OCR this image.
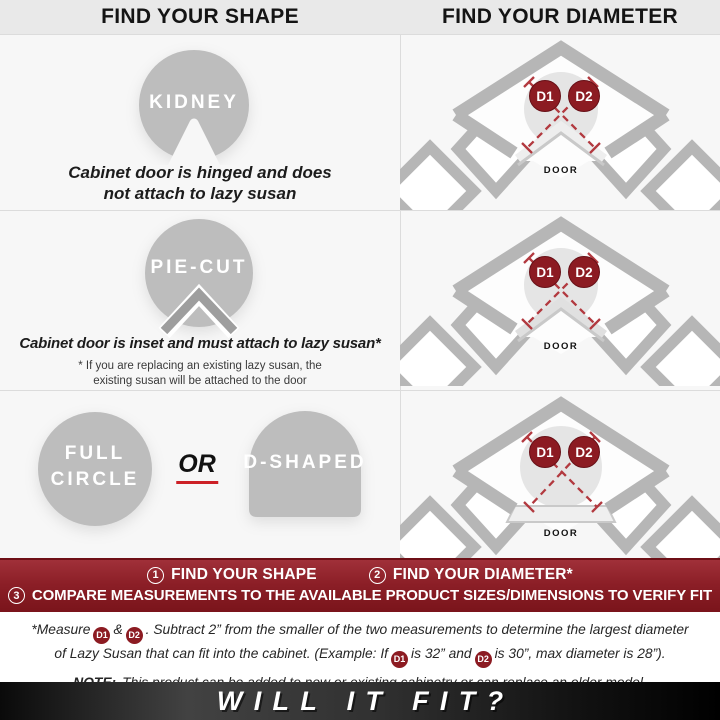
FIND YOUR SHAPE	FIND YOUR DIAMETER
KIDNEY
Cabinet door is hinged and does
not attach to lazy susan
D1 D2
DOOR
PIE-CUT
Cabinet door is inset and must attach to lazy susan*
* If you are replacing an existing lazy susan, the
existing susan will be attached to the door
D1 D2
DOOR
FULL CIRCLE
OR D-SHAPED	D1 D2
DOOR
1 FIND YOUR SHAPE	2 FIND YOUR DIAMETER*
3 COMPARE MEASUREMENTS TO THE AVAILABLE PRODUCT SIZES/DIMENSIONS TO VERIFY FIT
*Measure D1 & D2 . Subtract 2” from the smaller of the two measurements to determine the largest diameter
of Lazy Susan that can fit into the cabinet. (Example: If D1 is 32” and D2 is 30”, max diameter is 28”).
WILL IT FIT?
